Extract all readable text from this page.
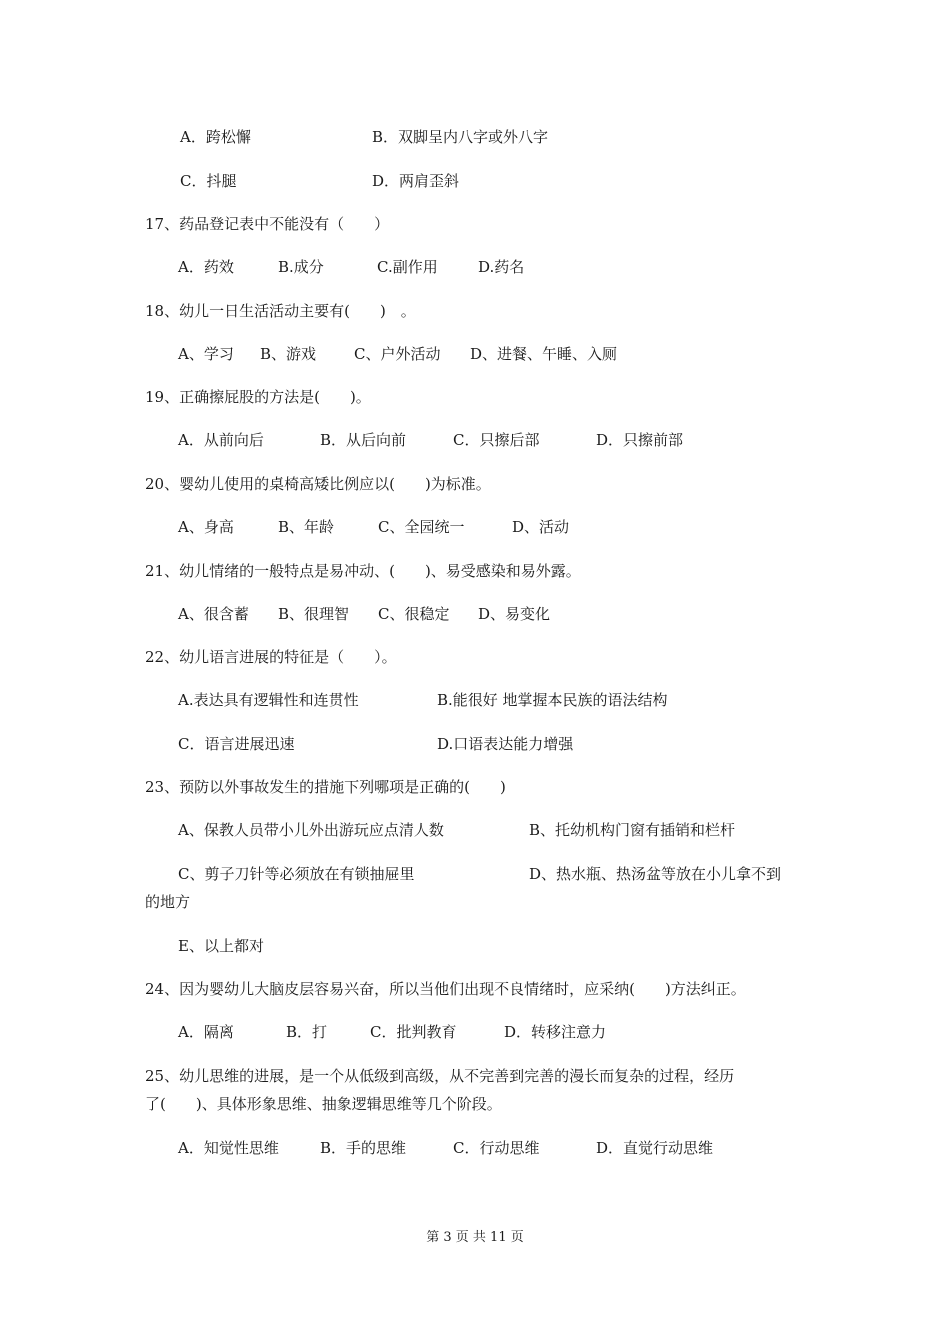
A．跨松懈	B．双脚呈内八字或外八字
C．抖腿	D．两肩歪斜
17、药品登记表中不能没有（　　）
A．药效	B.成分	C.副作用	D.药名
18、幼儿一日生活活动主要有(　　)　。
A、学习 B、游戏	C、户外活动 D、进餐、午睡、入厕
19、正确擦屁股的方法是(　　)。
A．从前向后	B．从后向前	C．只擦后部	D．只擦前部
20、婴幼儿使用的桌椅高矮比例应以(　　)为标准。
A、身高	B、年龄	C、全园统一	D、活动
21、幼儿情绪的一般特点是易冲动、(　　)、易受感染和易外露。
A、很含蓄 B、很理智 C、很稳定 D、易变化
22、幼儿语言进展的特征是（　　）。
A.表达具有逻辑性和连贯性	B.能很好 地掌握本民族的语法结构
C．语言进展迅速	D.口语表达能力增强
23、预防以外事故发生的措施下列哪项是正确的(　　)
A、保教人员带小儿外出游玩应点清人数	B、托幼机构门窗有插销和栏杆
C、剪子刀针等必须放在有锁抽屉里	D、热水瓶、热汤盆等放在小儿拿不到
的地方
E、以上都对
24、因为婴幼儿大脑皮层容易兴奋，所以当他们出现不良情绪时，应采纳(　　)方法纠正。
A．隔离	B．打	C．批判教育	D．转移注意力
25、幼儿思维的进展，是一个从低级到高级，从不完善到完善的漫长而复杂的过程，经历
了(　　)、具体形象思维、抽象逻辑思维等几个阶段。
A．知觉性思维	B．手的思维	C．行动思维	D．直觉行动思维
第 3 页 共 11 页
